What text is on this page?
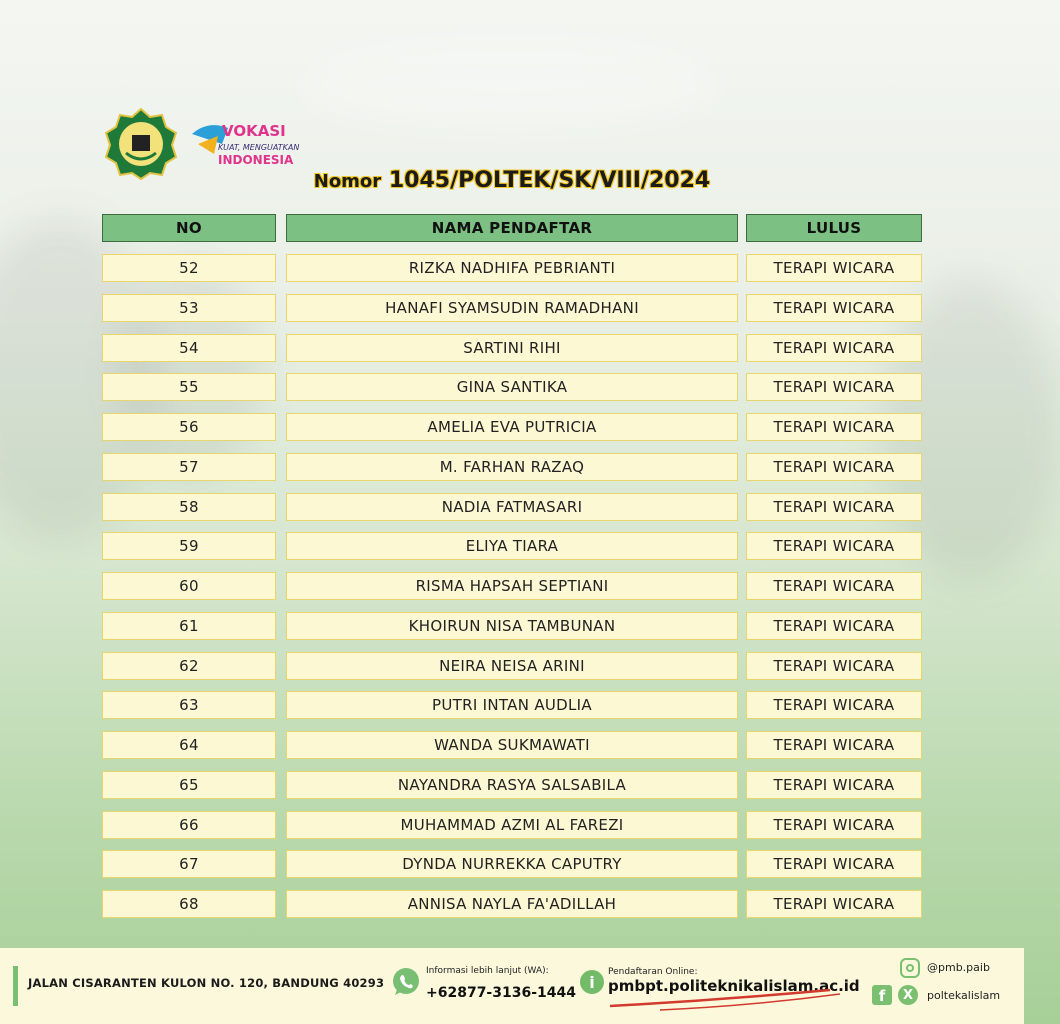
VOKASI
KUAT, MENGUATKAN
INDONESIA
Nomor 1045/POLTEK/SK/VIII/2024
NO	NAMA PENDAFTAR	LULUS
52	RIZKA NADHIFA PEBRIANTI	TERAPI WICARA
53	HANAFI SYAMSUDIN RAMADHANI	TERAPI WICARA
54	SARTINI RIHI	TERAPI WICARA
55	GINA SANTIKA	TERAPI WICARA
56	AMELIA EVA PUTRICIA	TERAPI WICARA
57	M. FARHAN RAZAQ	TERAPI WICARA
58	NADIA FATMASARI	TERAPI WICARA
59	ELIYA TIARA	TERAPI WICARA
60	RISMA HAPSAH SEPTIANI	TERAPI WICARA
61	KHOIRUN NISA TAMBUNAN	TERAPI WICARA
62	NEIRA NEISA ARINI	TERAPI WICARA
63	PUTRI INTAN AUDLIA	TERAPI WICARA
64	WANDA SUKMAWATI	TERAPI WICARA
65	NAYANDRA RASYA SALSABILA	TERAPI WICARA
66	MUHAMMAD AZMI AL FAREZI	TERAPI WICARA
67	DYNDA NURREKKA CAPUTRY	TERAPI WICARA
68	ANNISA NAYLA FA'ADILLAH	TERAPI WICARA
JALAN CISARANTEN KULON NO. 120, BANDUNG 40293
Informasi lebih lanjut (WA):
+62877-3136-1444
i
Pendaftaran Online:
pmbpt.politeknikalislam.ac.id
@pmb.paib
f	X	poltekalislam
